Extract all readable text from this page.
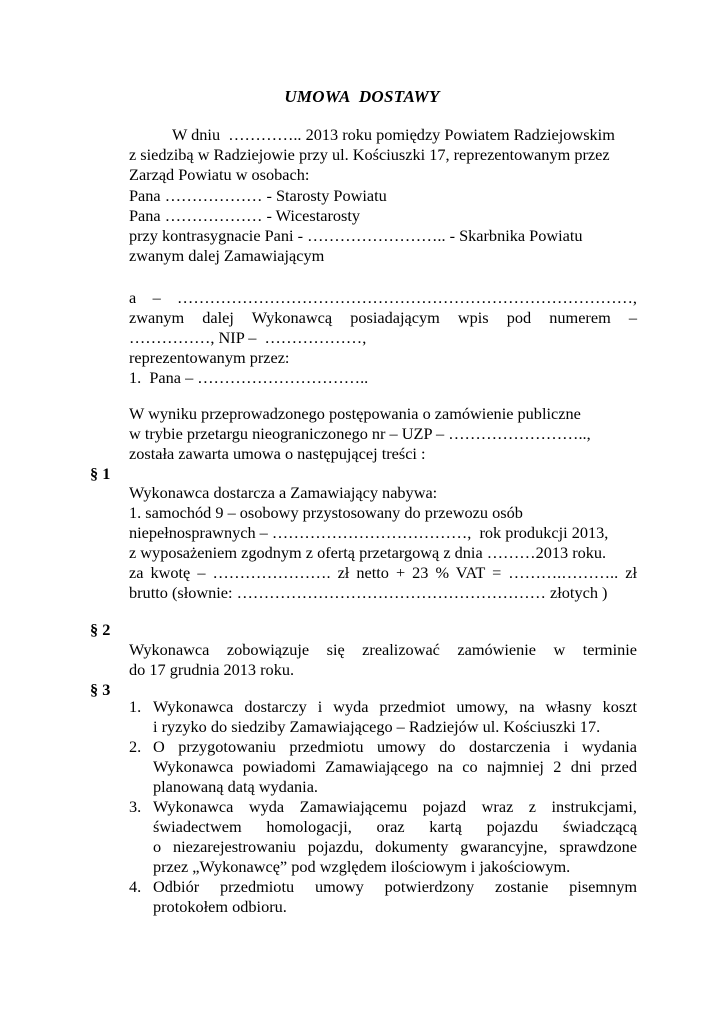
UMOWA  DOSTAWY
W dniu  ………….. 2013 roku pomiędzy Powiatem Radziejowskim
z siedzibą w Radziejowie przy ul. Kościuszki 17, reprezentowanym przez
Zarząd Powiatu w osobach:
Pana ……………… - Starosty Powiatu
Pana ……………… - Wicestarosty
przy kontrasygnacie Pani - …………………….. - Skarbnika Powiatu
zwanym dalej Zamawiającym
a – …………………………………………………………………………,
zwanym dalej Wykonawcą posiadającym wpis pod numerem –
……………, NIP –  ………………,
reprezentowanym przez:
1.  Pana – …………………………..
W wyniku przeprowadzonego postępowania o zamówienie publiczne
w trybie przetargu nieograniczonego nr – UZP – ……………………..,
została zawarta umowa o następującej treści :
§ 1
Wykonawca dostarcza a Zamawiający nabywa:
1. samochód 9 – osobowy przystosowany do przewozu osób
niepełnosprawnych – ………………………………,  rok produkcji 2013,
z wyposażeniem zgodnym z ofertą przetargową z dnia ………2013 roku.
za kwotę – …………………. zł netto + 23 % VAT = ……….……….. zł
brutto (słownie: ………………………………………………… złotych )
§ 2
Wykonawca zobowiązuje się zrealizować zamówienie w terminie
do 17 grudnia 2013 roku.
§ 3
1. Wykonawca dostarczy i wyda przedmiot umowy, na własny koszt
i ryzyko do siedziby Zamawiającego – Radziejów ul. Kościuszki 17.
2. O przygotowaniu przedmiotu umowy do dostarczenia i wydania
Wykonawca powiadomi Zamawiającego na co najmniej 2 dni przed
planowaną datą wydania.
3. Wykonawca wyda Zamawiającemu pojazd wraz z instrukcjami,
świadectwem homologacji, oraz kartą pojazdu świadczącą
o niezarejestrowaniu pojazdu, dokumenty gwarancyjne, sprawdzone
przez „Wykonawcę” pod względem ilościowym i jakościowym.
4. Odbiór przedmiotu umowy potwierdzony zostanie pisemnym
protokołem odbioru.
